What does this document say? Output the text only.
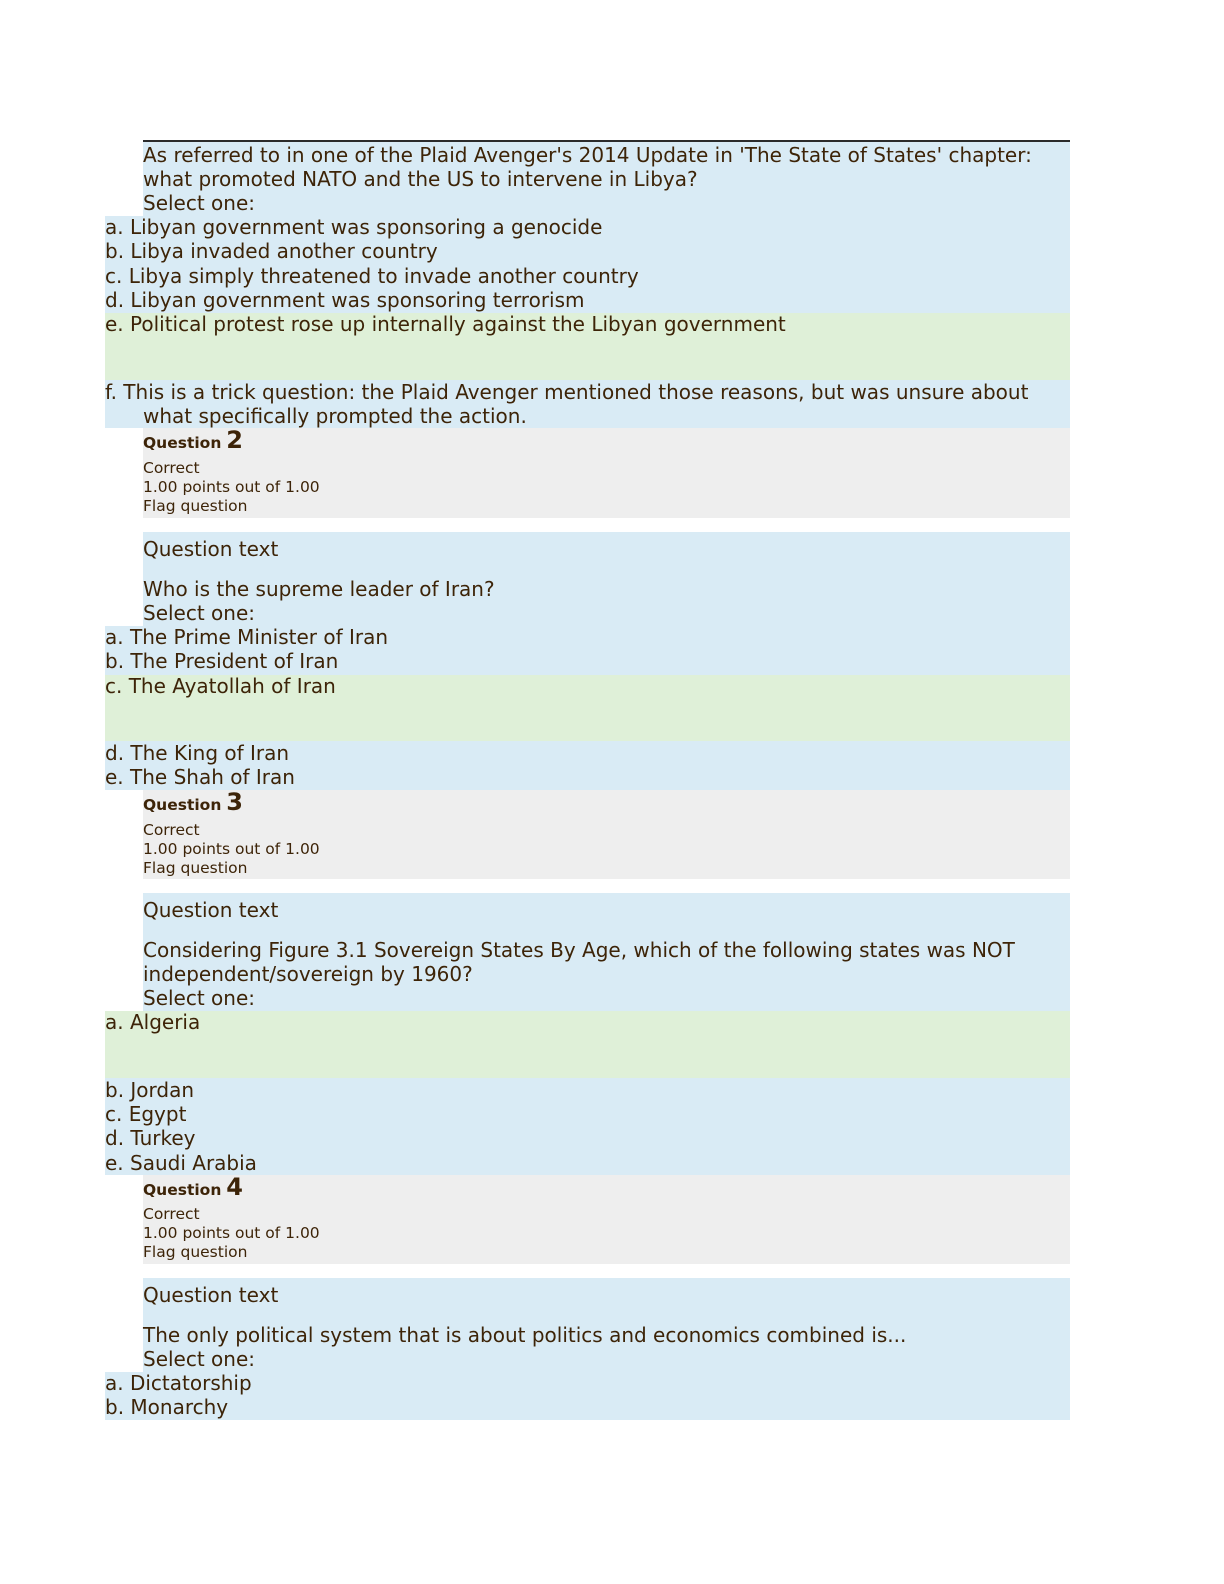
As referred to in one of the Plaid Avenger's 2014 Update in 'The State of States' chapter:
what promoted NATO and the US to intervene in Libya?
Select one:
a. Libyan government was sponsoring a genocide
b. Libya invaded another country
c. Libya simply threatened to invade another country
d. Libyan government was sponsoring terrorism
e. Political protest rose up internally against the Libyan government
f. This is a trick question: the Plaid Avenger mentioned those reasons, but was unsure about
what specifically prompted the action.
Question 2
Correct
1.00 points out of 1.00
Flag question
Question text
Who is the supreme leader of Iran?
Select one:
a. The Prime Minister of Iran
b. The President of Iran
c. The Ayatollah of Iran
d. The King of Iran
e. The Shah of Iran
Question 3
Correct
1.00 points out of 1.00
Flag question
Question text
Considering Figure 3.1 Sovereign States By Age, which of the following states was NOT
independent/sovereign by 1960?
Select one:
a. Algeria
b. Jordan
c. Egypt
d. Turkey
e. Saudi Arabia
Question 4
Correct
1.00 points out of 1.00
Flag question
Question text
The only political system that is about politics and economics combined is...
Select one:
a. Dictatorship
b. Monarchy
